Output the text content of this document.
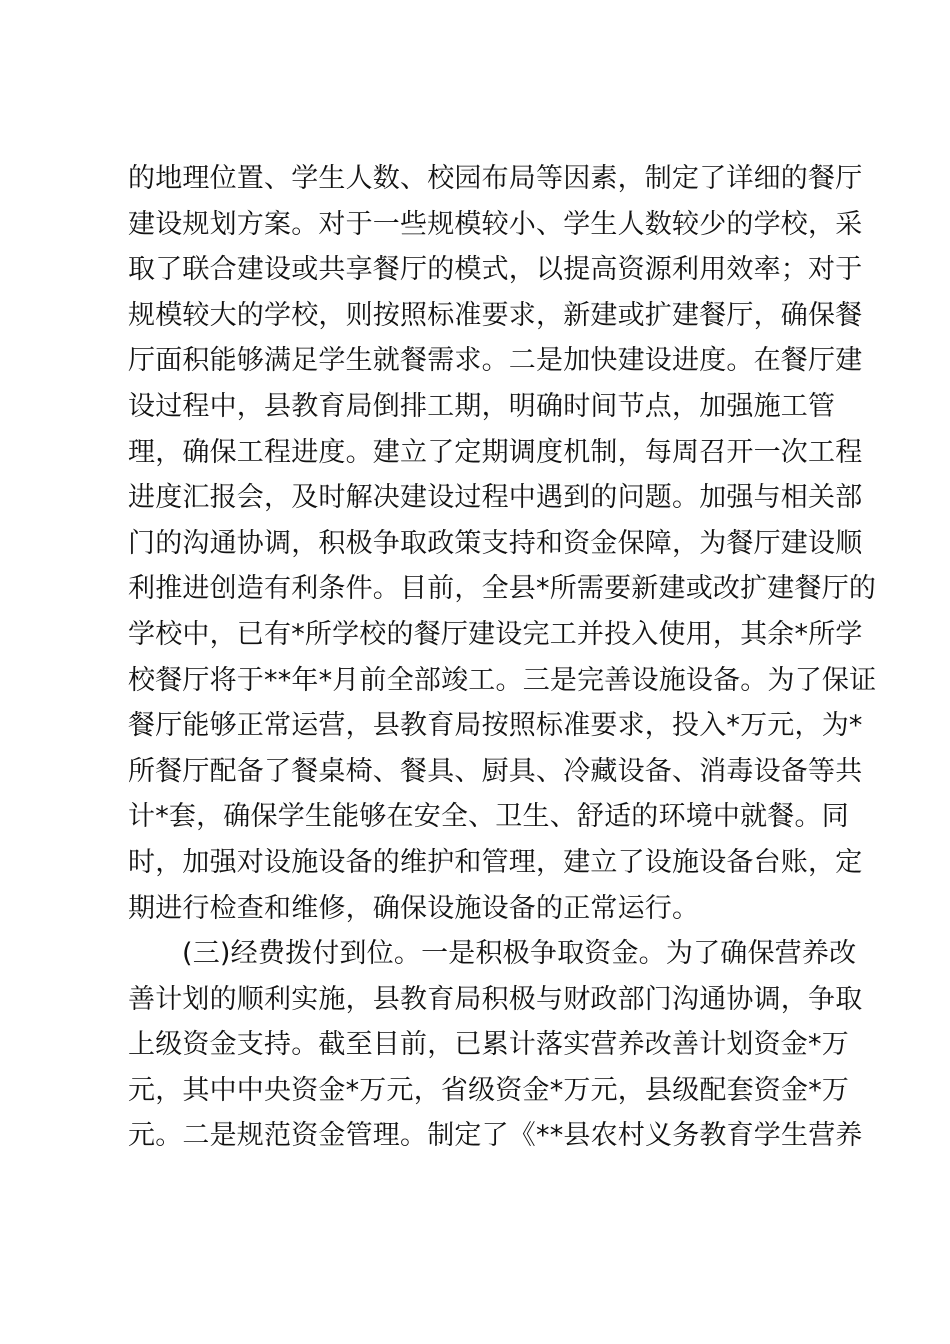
的地理位置、学生人数、校园布局等因素，制定了详细的餐厅
建设规划方案。对于一些规模较小、学生人数较少的学校，采
取了联合建设或共享餐厅的模式，以提高资源利用效率；对于
规模较大的学校，则按照标准要求，新建或扩建餐厅，确保餐
厅面积能够满足学生就餐需求。二是加快建设进度。在餐厅建
设过程中，县教育局倒排工期，明确时间节点，加强施工管
理，确保工程进度。建立了定期调度机制，每周召开一次工程
进度汇报会，及时解决建设过程中遇到的问题。加强与相关部
门的沟通协调，积极争取政策支持和资金保障，为餐厅建设顺
利推进创造有利条件。目前，全县*所需要新建或改扩建餐厅的
学校中，已有*所学校的餐厅建设完工并投入使用，其余*所学
校餐厅将于**年*月前全部竣工。三是完善设施设备。为了保证
餐厅能够正常运营，县教育局按照标准要求，投入*万元，为*
所餐厅配备了餐桌椅、餐具、厨具、冷藏设备、消毒设备等共
计*套，确保学生能够在安全、卫生、舒适的环境中就餐。同
时，加强对设施设备的维护和管理，建立了设施设备台账，定
期进行检查和维修，确保设施设备的正常运行。
(三)经费拨付到位。一是积极争取资金。为了确保营养改
善计划的顺利实施，县教育局积极与财政部门沟通协调，争取
上级资金支持。截至目前，已累计落实营养改善计划资金*万
元，其中中央资金*万元，省级资金*万元，县级配套资金*万
元。二是规范资金管理。制定了《**县农村义务教育学生营养
